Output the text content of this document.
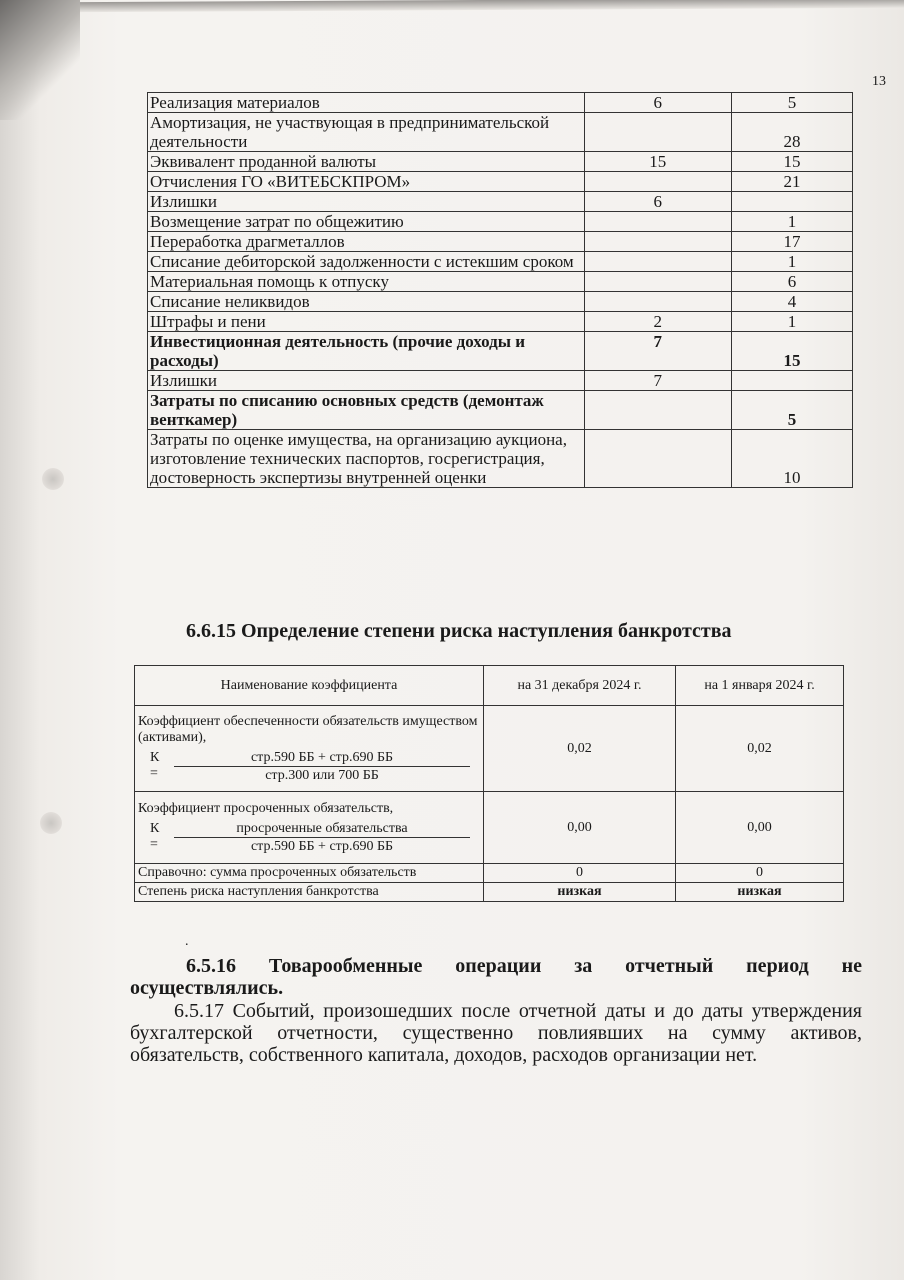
13
Реализация материалов	6	5
Амортизация, не участвующая в предпринимательской деятельности		28
Эквивалент проданной валюты	15	15
Отчисления ГО «ВИТЕБСКПРОМ»		21
Излишки	6	
Возмещение затрат по общежитию		1
Переработка драгметаллов		17
Списание дебиторской задолженности с истекшим сроком		1
Материальная помощь к отпуску		6
Списание неликвидов		4
Штрафы и пени	2	1
Инвестиционная деятельность (прочие доходы и расходы)	7	15
Излишки	7	
Затраты по списанию основных средств (демонтаж венткамер)		5
Затраты по оценке имущества, на организацию аукциона, изготовление технических паспортов, госрегистрация, достоверность экспертизы внутренней оценки		10
6.6.15 Определение степени риска наступления банкротства
Наименование коэффициента	на 31 декабря 2024 г.	на 1 января 2024 г.

Коэффициент обеспеченности обязательств имуществом (активами),
К =
стр.590 ББ + стр.690 ББ
стр.300 или 700 ББ	0,02	0,02

Коэффициент просроченных обязательств,
К =
просроченные обязательства
стр.590 ББ + стр.690 ББ	0,00	0,00
Справочно: сумма просроченных обязательств	0	0
Степень риска наступления банкротства	низкая	низкая
.
6.5.16 Товарообменные операции за отчетный период не осуществлялись.
6.5.17 Событий, произошедших после отчетной даты и до даты утверждения бухгалтерской отчетности, существенно повлиявших на сумму активов, обязательств, собственного капитала, доходов, расходов организации нет.
